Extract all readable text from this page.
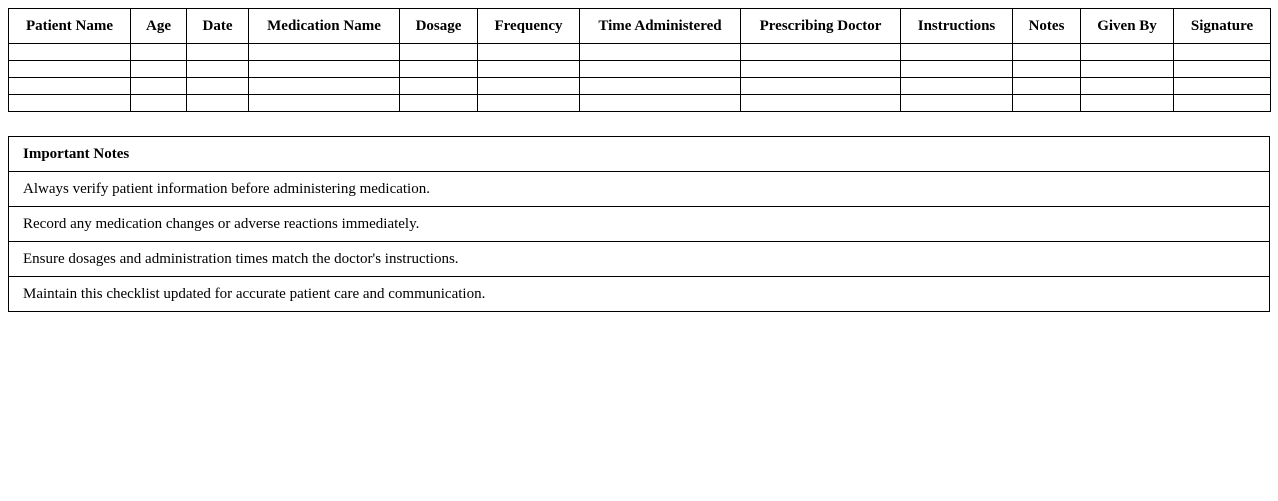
Patient Name	Age	Date	Medication Name	Dosage	Frequency	Time Administered	Prescribing Doctor	Instructions	Notes	Given By	Signature

Important Notes
Always verify patient information before administering medication.
Record any medication changes or adverse reactions immediately.
Ensure dosages and administration times match the doctor's instructions.
Maintain this checklist updated for accurate patient care and communication.
